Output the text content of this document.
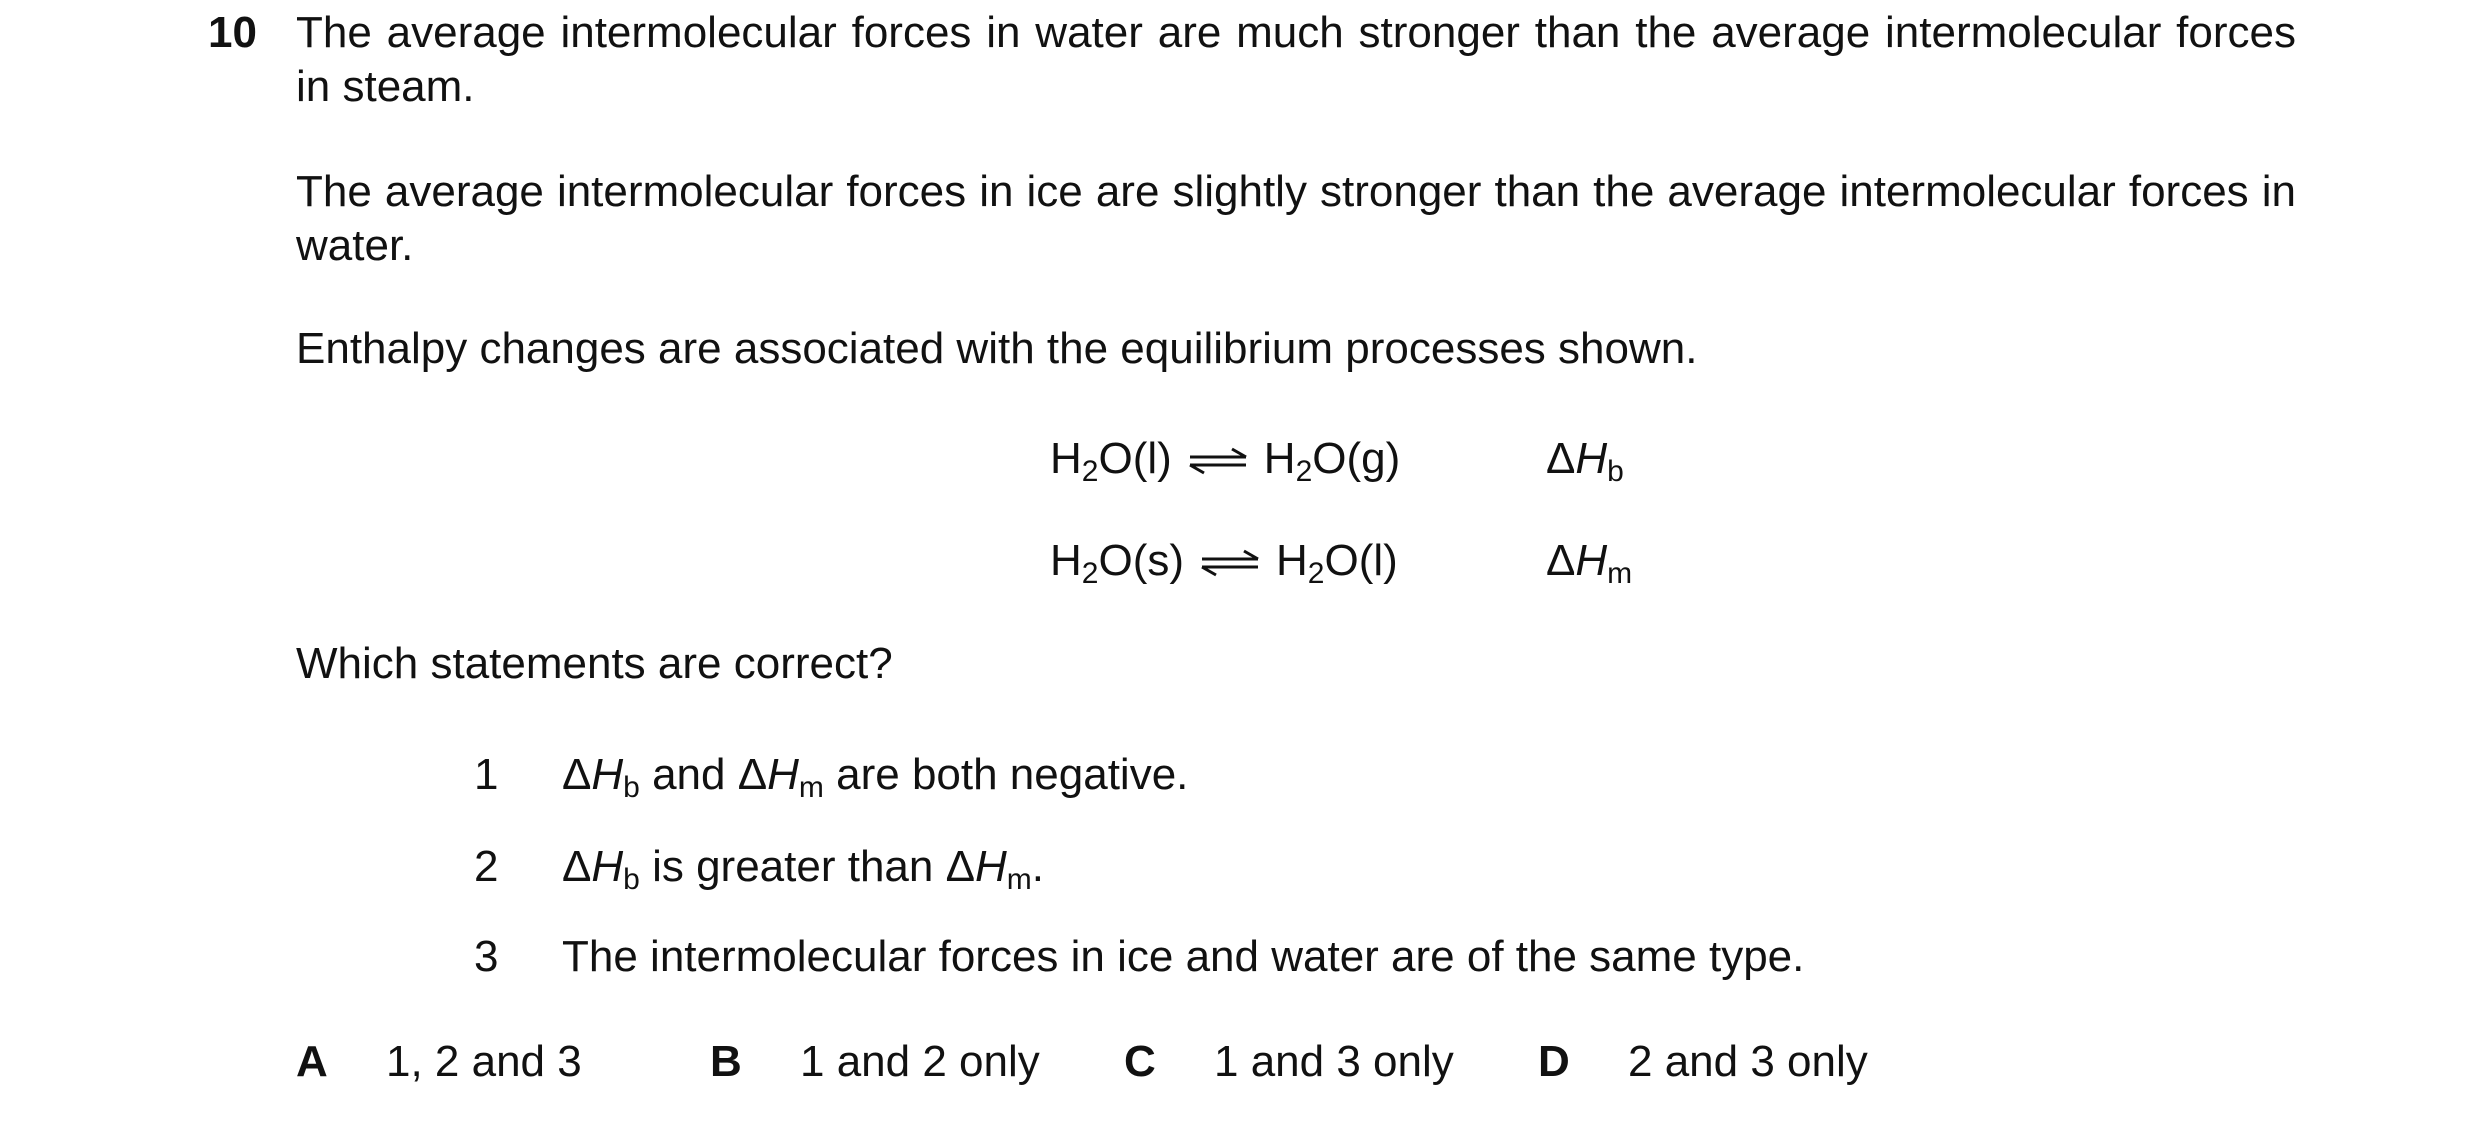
10 The average intermolecular forces in water are much stronger than the average intermolecular forces in steam.
The average intermolecular forces in ice are slightly stronger than the average intermolecular forces in water.
Enthalpy changes are associated with the equilibrium processes shown.
$H_2O(l)$ ⇌ $H_2O(g)$	$\Delta H_b$
$H_2O(s)$ ⇌ $H_2O(l)$	$\Delta H_m$
Which statements are correct?
1 $\Delta H_b$ and $\Delta H_m$ are both negative.
2 $\Delta H_b$ is greater than $\Delta H_m$.
3 The intermolecular forces in ice and water are of the same type.
A 1, 2 and 3	B 1 and 2 only C 1 and 3 only D 2 and 3 only
